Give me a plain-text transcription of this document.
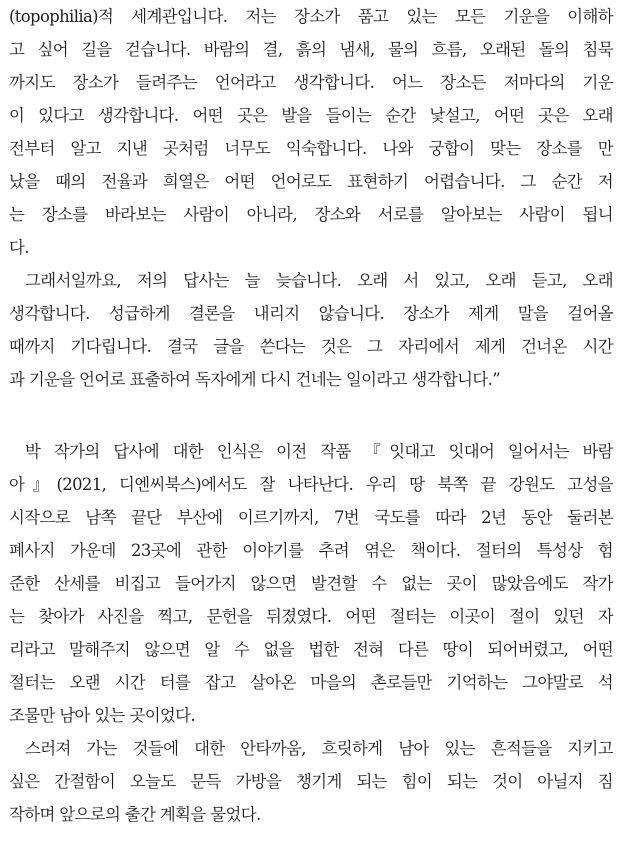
(topophilia)적 세계관입니다. 저는 장소가 품고 있는 모든 기운을 이해하
고 싶어 길을 걷습니다. 바람의 결, 흙의 냄새, 물의 흐름, 오래된 돌의 침묵
까지도 장소가 들려주는 언어라고 생각합니다. 어느 장소든 저마다의 기운
이 있다고 생각합니다. 어떤 곳은 발을 들이는 순간 낯설고, 어떤 곳은 오래
전부터 알고 지낸 곳처럼 너무도 익숙합니다. 나와 궁합이 맞는 장소를 만
났을 때의 전율과 희열은 어떤 언어로도 표현하기 어렵습니다. 그 순간 저
는 장소를 바라보는 사람이 아니라, 장소와 서로를 알아보는 사람이 됩니
다.
그래서일까요, 저의 답사는 늘 늦습니다. 오래 서 있고, 오래 듣고, 오래
생각합니다. 성급하게 결론을 내리지 않습니다. 장소가 제게 말을 걸어올
때까지 기다립니다. 결국 글을 쓴다는 것은 그 자리에서 제게 건너온 시간
과 기운을 언어로 표출하여 독자에게 다시 건네는 일이라고 생각합니다.”
박 작가의 답사에 대한 인식은 이전 작품 『잇대고 잇대어 일어서는 바람
아』(2021, 디엔씨북스)에서도 잘 나타난다. 우리 땅 북쪽 끝 강원도 고성을
시작으로 남쪽 끝단 부산에 이르기까지, 7번 국도를 따라 2년 동안 둘러본
폐사지 가운데 23곳에 관한 이야기를 추려 엮은 책이다. 절터의 특성상 험
준한 산세를 비집고 들어가지 않으면 발견할 수 없는 곳이 많았음에도 작가
는 찾아가 사진을 찍고, 문헌을 뒤졌였다. 어떤 절터는 이곳이 절이 있던 자
리라고 말해주지 않으면 알 수 없을 법한 전혀 다른 땅이 되어버렸고, 어떤
절터는 오랜 시간 터를 잡고 살아온 마을의 촌로들만 기억하는 그야말로 석
조물만 남아 있는 곳이었다.
스러져 가는 것들에 대한 안타까움, 흐릿하게 남아 있는 흔적들을 지키고
싶은 간절함이 오늘도 문득 가방을 챙기게 되는 힘이 되는 것이 아닐지 짐
작하며 앞으로의 출간 계획을 물었다.
